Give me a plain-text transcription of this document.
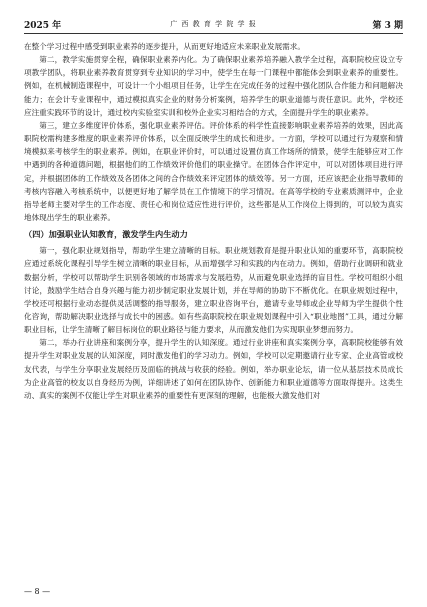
2025 年	广 西 教 育 学 院 学 报	第 3 期

在整个学习过程中感受到职业素养的逐步提升，从而更好地适应未来职业发展需求。

第二，教学实施贯穿全程，确保职业素养内化。为了确保职业素养培养融入教学全过程，高职院校应设立专项教学团队，将职业素养教育贯穿到专业知识的学习中，使学生在每一门课程中都能体会到职业素养的重要性。例如，在机械制造课程中，可设计一个小组项目任务，让学生在完成任务的过程中强化团队合作能力和问题解决能力；在会计专业课程中，通过模拟真实企业的财务分析案例，培养学生的职业道德与责任意识。此外，学校还应注重实践环节的设计，通过校内实验室实训和校外企业实习相结合的方式，全面提升学生的职业素养。

第三，建立多维度评价体系，强化职业素养评估。评价体系的科学性直接影响职业素养培养的效果，因此高职院校需构建多维度的职业素养评价体系，以全面反映学生的成长和进步。一方面，学校可以通过行为观察和情境模拟来考核学生的职业素养。例如，在职业评价时，可以通过设置仿真工作场所的情景，使学生能够应对工作中遇到的各种道德问题，根据他们的工作绩效评价他们的职业操守。在团体合作评定中，可以对团体项目进行评定，并根据团体的工作绩效及各团体之间的合作绩效来评定团体的绩效等。另一方面，还应该把企业指导教师的考核内容融入考核系统中，以便更好地了解学员在工作情境下的学习情况。在高等学校的专业素质测评中，企业指导老师主要对学生的工作态度、责任心和岗位适应性进行评价，这些都是从工作岗位上得到的，可以较为真实地体现出学生的职业素养。

（四）加强职业认知教育，激发学生内生动力

第一，强化职业规划指导，帮助学生建立清晰的目标。职业规划教育是提升职业认知的重要环节，高职院校应通过系统化课程引导学生树立清晰的职业目标，从而增强学习和实践的内在动力。例如，借助行业调研和就业数据分析，学校可以帮助学生识别各领域的市场需求与发展趋势，从而避免职业选择的盲目性。学校可组织小组讨论，鼓励学生结合自身兴趣与能力初步制定职业发展计划，并在导师的协助下不断优化。在职业规划过程中，学校还可根据行业动态提供灵活调整的指导服务，建立职业咨询平台，邀请专业导师或企业导师为学生提供个性化咨询，帮助解决职业选择与成长中的困惑。如有些高职院校在职业规划课程中引入“职业地图”工具，通过分解职业目标，让学生清晰了解目标岗位的职业路径与能力要求，从而激发他们为实现职业梦想而努力。

第二，举办行业讲座和案例分享，提升学生的认知深度。通过行业讲座和真实案例分享，高职院校能够有效提升学生对职业发展的认知深度，同时激发他们的学习动力。例如，学校可以定期邀请行业专家、企业高管或校友代表，与学生分享职业发展经历及面临的挑战与收获的经验。例如，举办职业论坛，请一位从基层技术员成长为企业高管的校友以自身经历为例，详细讲述了如何在团队协作、创新能力和职业道德等方面取得提升。这类生动、真实的案例不仅能让学生对职业素养的重要性有更深刻的理解，也能极大激发他们对

— 8 —
